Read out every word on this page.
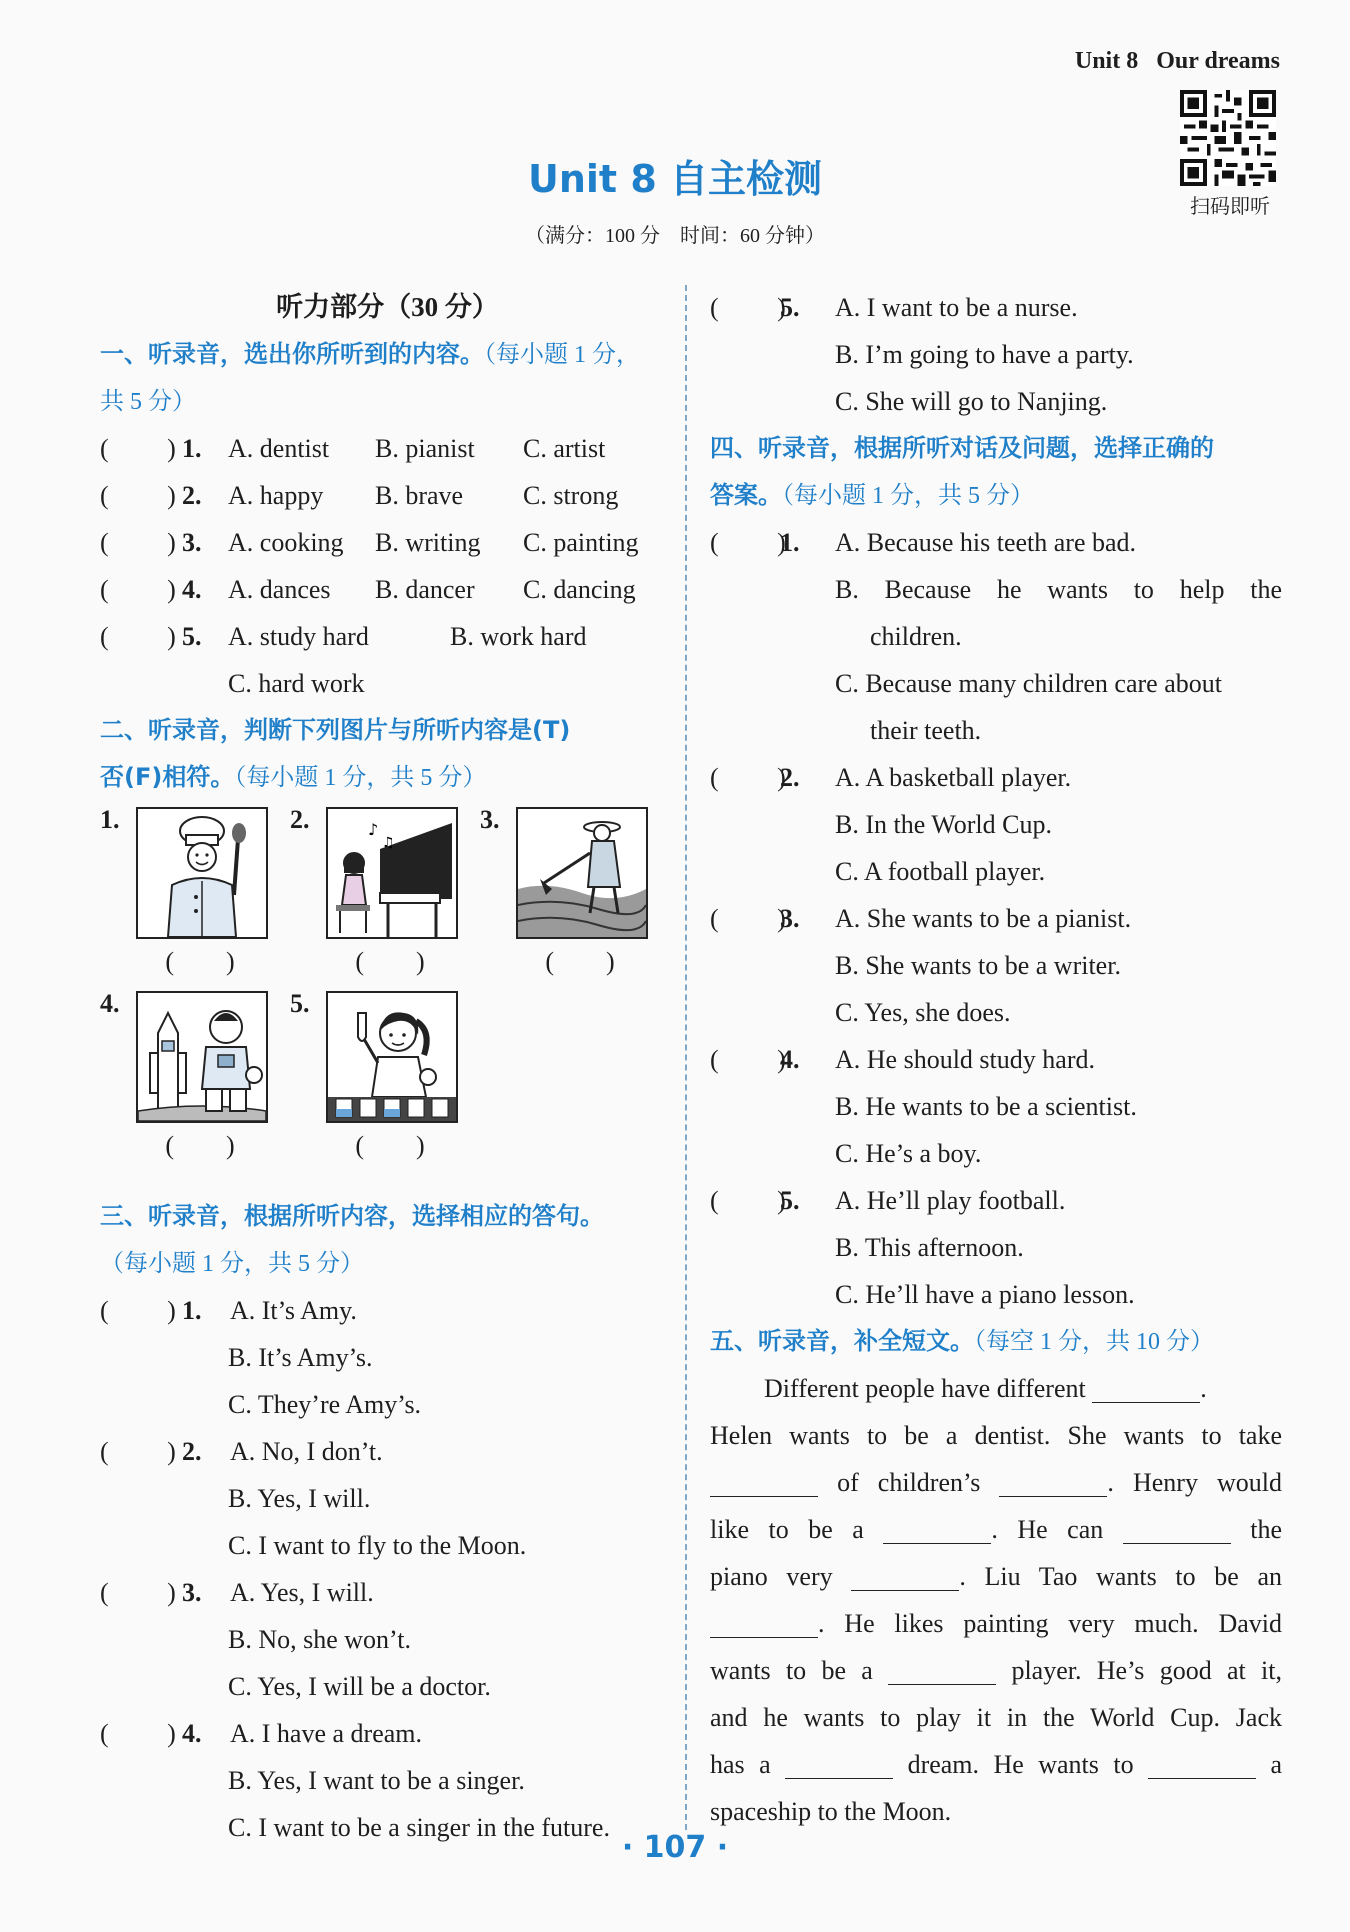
Unit 8 Our dreams
扫码即听
Unit 8 自主检测
（满分：100 分　时间：60 分钟）
听力部分（30 分）
一、听录音，选出你所听到的内容。（每小题 1 分，
共 5 分）
(　　 ) 1. A. dentist B. pianist C. artist
(　　 ) 2. A. happy B. brave C. strong
(　　 ) 3. A. cooking B. writing C. painting
(　　 ) 4. A. dances B. dancer C. dancing
(　　 ) 5. A. study hard	B. work hard
C. hard work
二、听录音，判断下列图片与所听内容是(T)
否(F)相符。（每小题 1 分，共 5 分）
1.
(　　)
2.	♪
♫
(　　)
3.
(　　)
4.
(　　)
5.
(　　)
三、听录音，根据所听内容，选择相应的答句。
（每小题 1 分，共 5 分）
(　　 ) 1. A. It’s Amy.
B. It’s Amy’s.
C. They’re Amy’s.
(　　 ) 2. A. No, I don’t.
B. Yes, I will.
C. I want to fly to the Moon.
(　　 ) 3. A. Yes, I will.
B. No, she won’t.
C. Yes, I will be a doctor.
(　　 ) 4. A. I have a dream.
B. Yes, I want to be a singer.
C. I want to be a singer in the future.
(　　 )5. A. I want to be a nurse.
B. I’m going to have a party.
C. She will go to Nanjing.
四、听录音，根据所听对话及问题，选择正确的
答案。（每小题 1 分，共 5 分）
(　　 )1. A. Because his teeth are bad.
B. Because he wants to help the
children.
C. Because many children care about
their teeth.
(　　 )2. A. A basketball player.
B. In the World Cup.
C. A football player.
(　　 )3. A. She wants to be a pianist.
B. She wants to be a writer.
C. Yes, she does.
(　　 )4. A. He should study hard.
B. He wants to be a scientist.
C. He’s a boy.
(　　 )5. A. He’ll play football.
B. This afternoon.
C. He’ll have a piano lesson.
五、听录音，补全短文。（每空 1 分，共 10 分）
Different people have different	.
Helen wants to be a dentist. She wants to take
of children’s	. Henry would
like to be a	. He can	the
piano very	. Liu Tao wants to be an
. He likes painting very much. David
wants to be a	player. He’s good at it,
and he wants to play it in the World Cup. Jack
has a	dream. He wants to	a
spaceship to the Moon.
· 107 ·
